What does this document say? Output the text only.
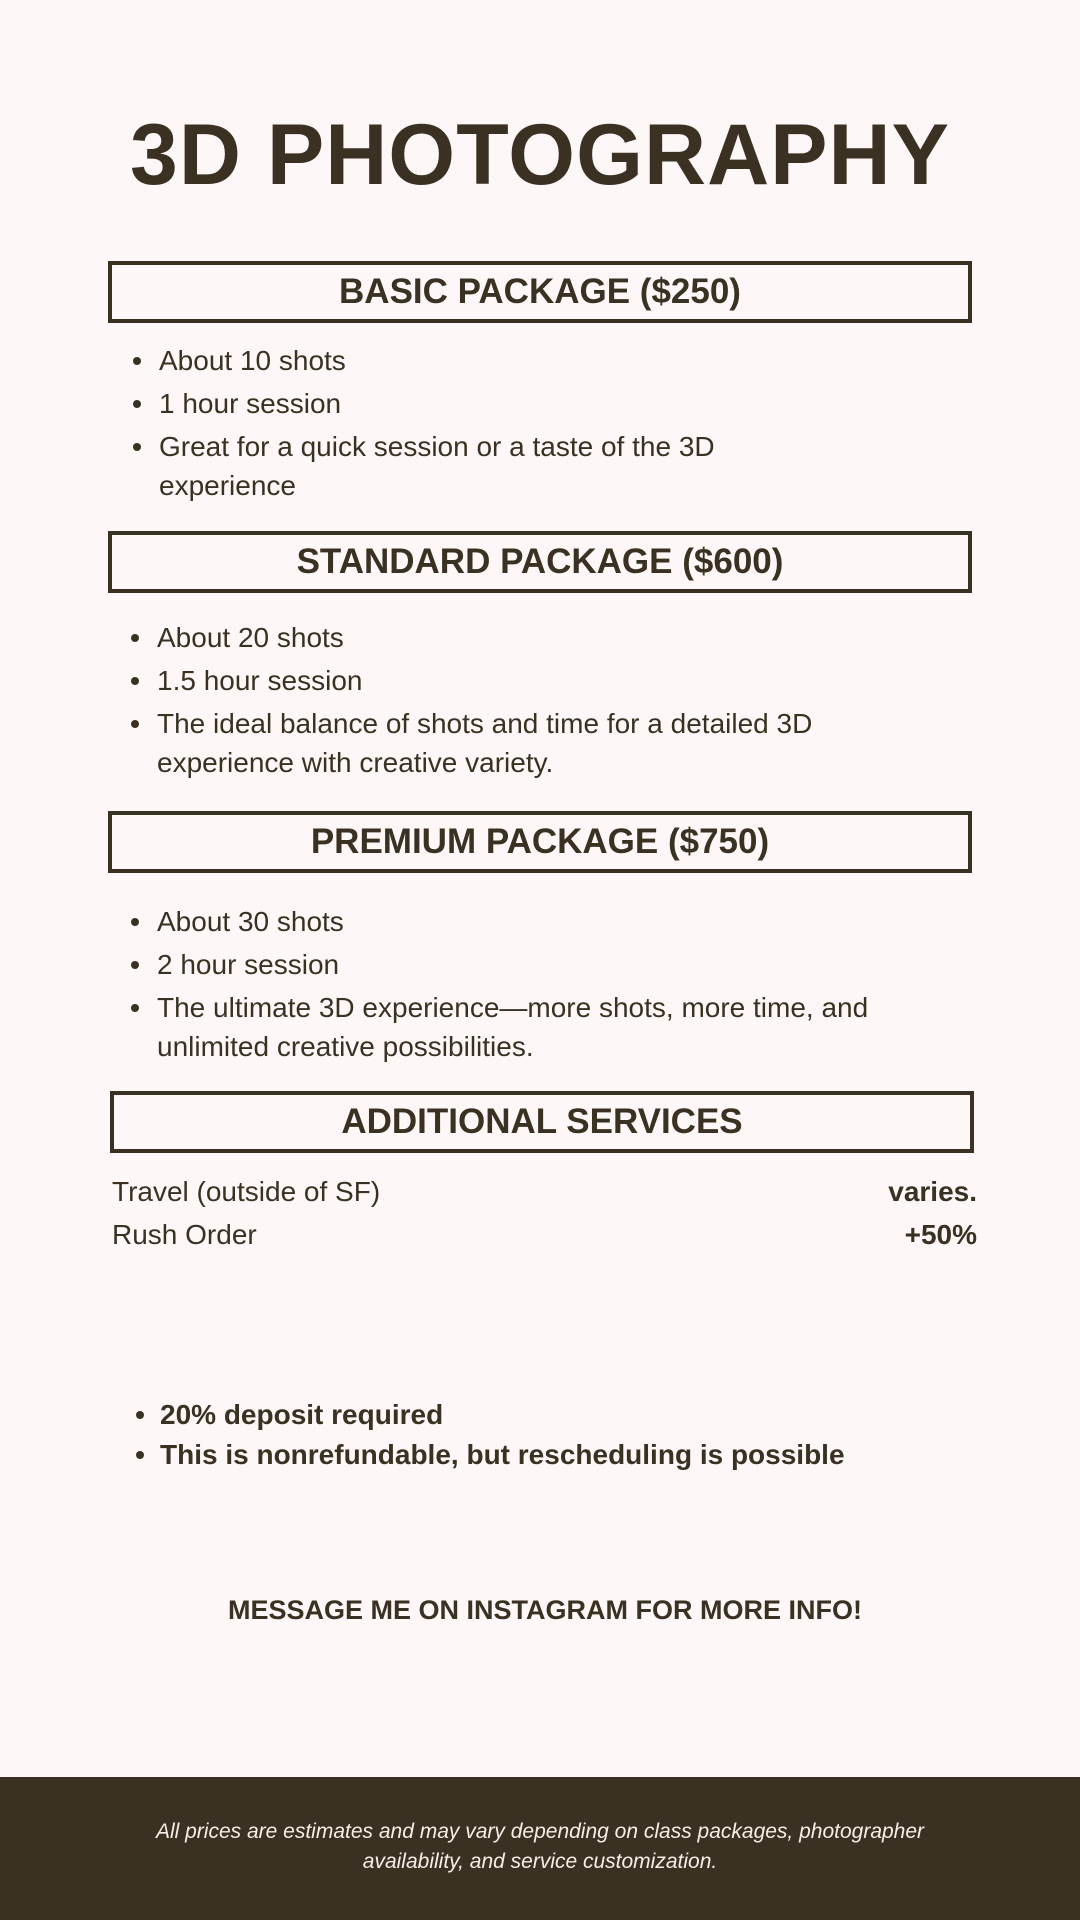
3D PHOTOGRAPHY
BASIC PACKAGE ($250)
About 10 shots
1 hour session
Great for a quick session or a taste of the 3D experience
STANDARD PACKAGE ($600)
About 20 shots
1.5 hour session
The ideal balance of shots and time for a detailed 3D experience with creative variety.
PREMIUM PACKAGE ($750)
About 30 shots
2 hour session
The ultimate 3D experience—more shots, more time, and unlimited creative possibilities.
ADDITIONAL SERVICES
Travel (outside of SF)	varies.
Rush Order	+50%
20% deposit required
This is nonrefundable, but rescheduling is possible
MESSAGE ME ON INSTAGRAM FOR MORE INFO!
All prices are estimates and may vary depending on class packages, photographer availability, and service customization.
